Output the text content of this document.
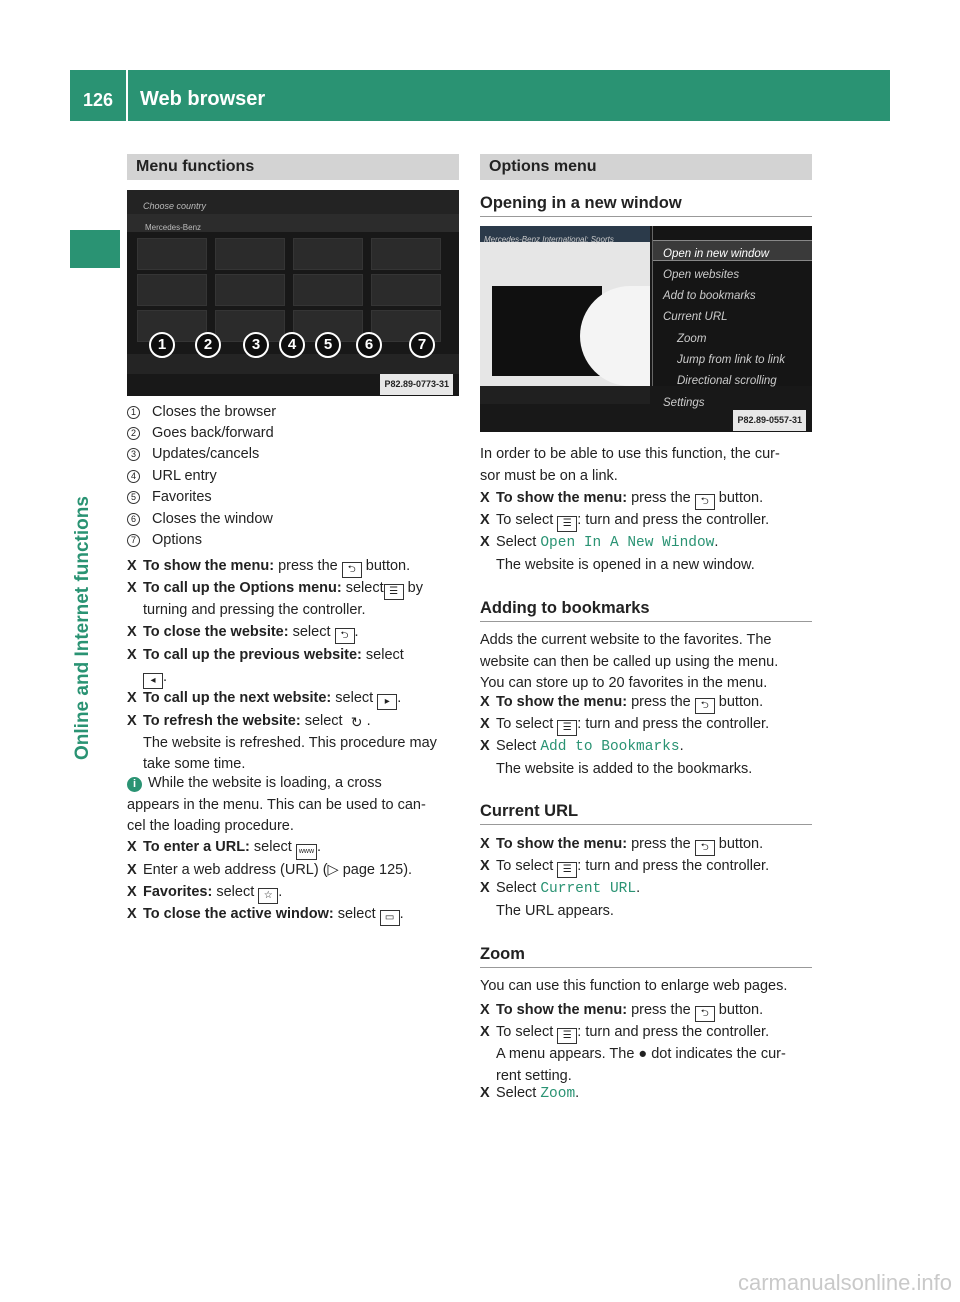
126 Web browser
Online and Internet functions
Menu functions
Choose country
Mercedes-Benz
1	2	3	4	5	6	7
P82.89-0773-31
1 Closes the browser
2 Goes back/forward
3 Updates/cancels
4 URL entry
5 Favorites
6 Closes the window
7 Options
X To show the menu: press the ⮌ button.
X To call up the Options menu: select ☰ by
turning and pressing the controller.
X To close the website: select ⮌ .
X To call up the previous website: select
◂ .
X To call up the next website: select ▸ .
X To refresh the website: select ↻ .
The website is refreshed. This procedure may
take some time.
i While the website is loading, a cross
appears in the menu. This can be used to can-
cel the loading procedure.
X To enter a URL: select www .
X Enter a web address (URL) (▷ page 125).
X Favorites: select ☆ .
X To close the active window: select ▭ .
Options menu
Opening in a new window
Mercedes-Benz International: Sports
Open in new window
Open websites
Add to bookmarks
Current URL
Zoom
Jump from link to link
Directional scrolling
Settings
P82.89-0557-31
In order to be able to use this function, the cur-
sor must be on a link.
X To show the menu: press the ⮌ button.
X To select ☰ : turn and press the controller.
X Select Open In A New Window.
The website is opened in a new window.
Adding to bookmarks
Adds the current website to the favorites. The
website can then be called up using the menu.
You can store up to 20 favorites in the menu.
X To show the menu: press the ⮌ button.
X To select ☰ : turn and press the controller.
X Select Add to Bookmarks.
The website is added to the bookmarks.
Current URL
X To show the menu: press the ⮌ button.
X To select ☰ : turn and press the controller.
X Select Current URL.
The URL appears.
Zoom
You can use this function to enlarge web pages.
X To show the menu: press the ⮌ button.
X To select ☰ : turn and press the controller.
A menu appears. The ● dot indicates the cur-
rent setting.
X Select Zoom.
carmanualsonline.info
